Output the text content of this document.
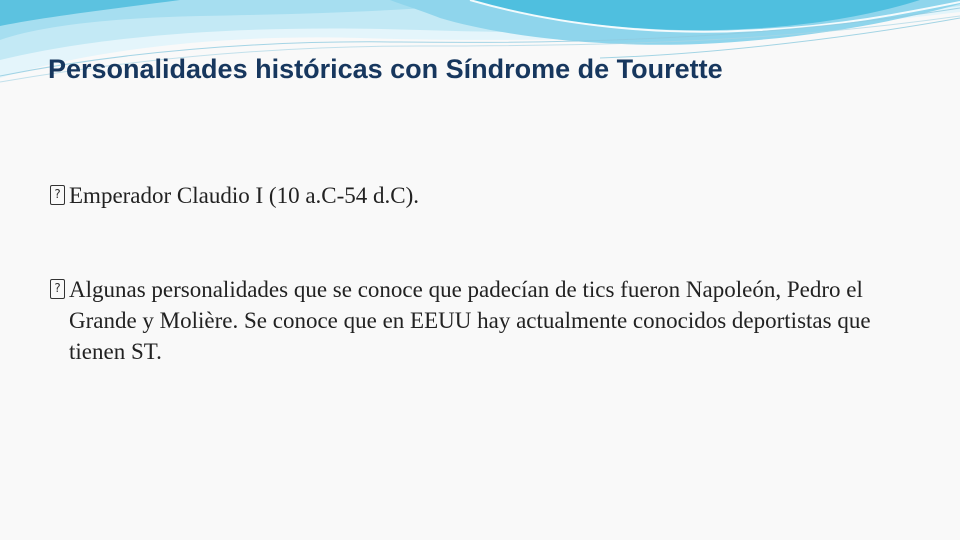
Personalidades históricas con Síndrome de Tourette
? Emperador Claudio I (10 a.C-54 d.C).
? Algunas personalidades que se conoce que padecían de tics fueron Napoleón, Pedro el Grande y Molière. Se conoce que en EEUU hay actualmente conocidos deportistas que tienen ST.
